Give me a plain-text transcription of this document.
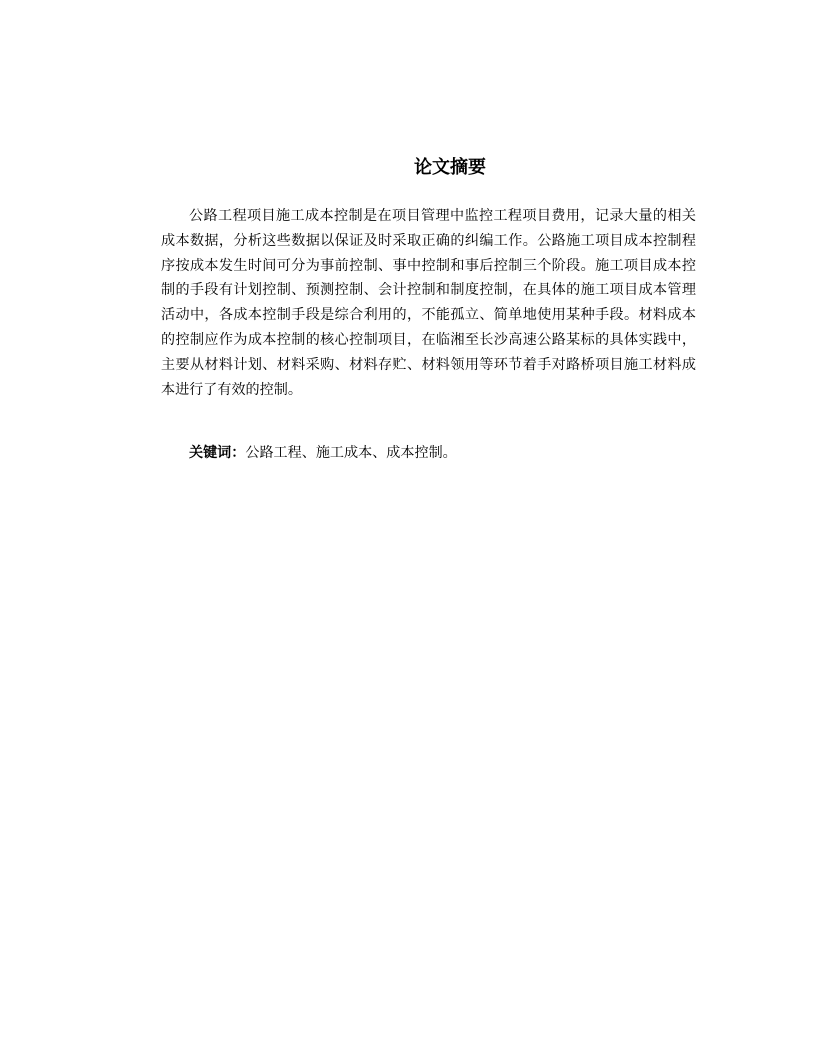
论文摘要

公路工程项目施工成本控制是在项目管理中监控工程项目费用，记录大量的相关成本数据，分析这些数据以保证及时采取正确的纠编工作。公路施工项目成本控制程序按成本发生时间可分为事前控制、事中控制和事后控制三个阶段。施工项目成本控制的手段有计划控制、预测控制、会计控制和制度控制，在具体的施工项目成本管理活动中，各成本控制手段是综合利用的，不能孤立、简单地使用某种手段。材料成本的控制应作为成本控制的核心控制项目，在临湘至长沙高速公路某标的具体实践中，主要从材料计划、材料采购、材料存贮、材料领用等环节着手对路桥项目施工材料成本进行了有效的控制。

关键词：公路工程、施工成本、成本控制。
